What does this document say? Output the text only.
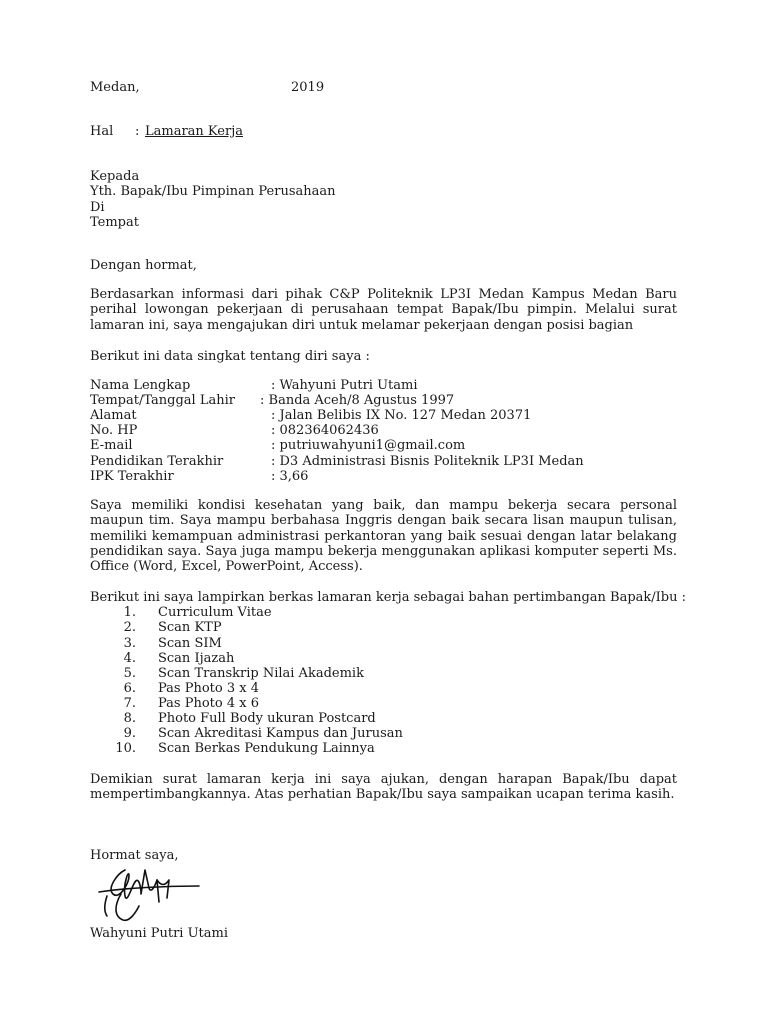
Medan,	2019
Hal : Lamaran Kerja
Kepada
Yth. Bapak/Ibu Pimpinan Perusahaan
Di
Tempat
Dengan hormat,
Berdasarkan informasi dari pihak C&P Politeknik LP3I Medan Kampus Medan Baru perihal lowongan pekerjaan di perusahaan tempat Bapak/Ibu pimpin. Melalui surat lamaran ini, saya mengajukan diri untuk melamar pekerjaan dengan posisi bagian
Berikut ini data singkat tentang diri saya :
Nama Lengkap	: Wahyuni Putri Utami
Tempat/Tanggal Lahir : Banda Aceh/8 Agustus 1997
Alamat	: Jalan Belibis IX No. 127 Medan 20371
No. HP	: 082364062436
E-mail	: putriuwahyuni1@gmail.com
Pendidikan Terakhir	: D3 Administrasi Bisnis Politeknik LP3I Medan
IPK Terakhir	: 3,66
Saya memiliki kondisi kesehatan yang baik, dan mampu bekerja secara personal maupun tim. Saya mampu berbahasa Inggris dengan baik secara lisan maupun tulisan, memiliki kemampuan administrasi perkantoran yang baik sesuai dengan latar belakang pendidikan saya. Saya juga mampu bekerja menggunakan aplikasi komputer seperti Ms. Office (Word, Excel, PowerPoint, Access).
Berikut ini saya lampirkan berkas lamaran kerja sebagai bahan pertimbangan Bapak/Ibu :
1. Curriculum Vitae
2. Scan KTP
3. Scan SIM
4. Scan Ijazah
5. Scan Transkrip Nilai Akademik
6. Pas Photo 3 x 4
7. Pas Photo 4 x 6
8. Photo Full Body ukuran Postcard
9. Scan Akreditasi Kampus dan Jurusan
10. Scan Berkas Pendukung Lainnya
Demikian surat lamaran kerja ini saya ajukan, dengan harapan Bapak/Ibu dapat mempertimbangkannya. Atas perhatian Bapak/Ibu saya sampaikan ucapan terima kasih.
Hormat saya,
Wahyuni Putri Utami
